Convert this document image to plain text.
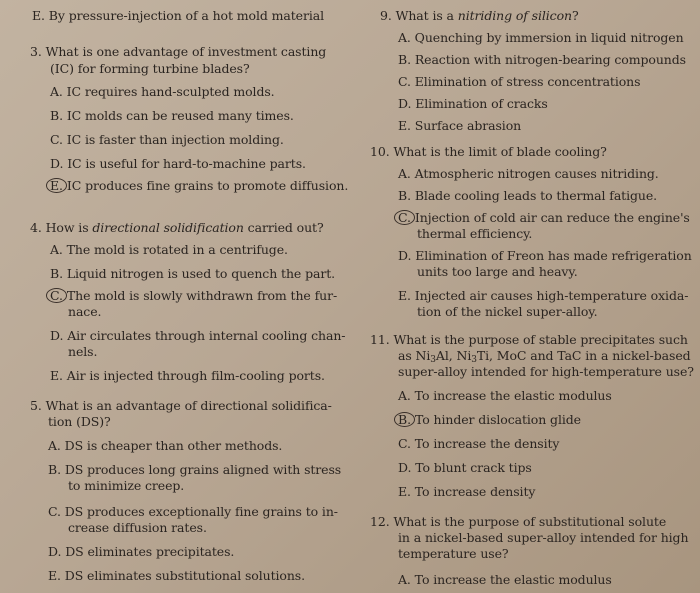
E. By pressure-injection of a hot mold material
3. What is one advantage of investment casting
(IC) for forming turbine blades?
A. IC requires hand-sculpted molds.
B. IC molds can be reused many times.
C. IC is faster than injection molding.
D. IC is useful for hard-to-machine parts.
E. IC produces fine grains to promote diffusion.
4. How is directional solidification carried out?
A. The mold is rotated in a centrifuge.
B. Liquid nitrogen is used to quench the part.
C. The mold is slowly withdrawn from the fur-
nace.
D. Air circulates through internal cooling chan-
nels.
E. Air is injected through film-cooling ports.
5. What is an advantage of directional solidifica-
tion (DS)?
A. DS is cheaper than other methods.
B. DS produces long grains aligned with stress
to minimize creep.
C. DS produces exceptionally fine grains to in-
crease diffusion rates.
D. DS eliminates precipitates.
E. DS eliminates substitutional solutions.
9. What is a nitriding of silicon?
A. Quenching by immersion in liquid nitrogen
B. Reaction with nitrogen-bearing compounds
C. Elimination of stress concentrations
D. Elimination of cracks
E. Surface abrasion
10. What is the limit of blade cooling?
A. Atmospheric nitrogen causes nitriding.
B. Blade cooling leads to thermal fatigue.
C. Injection of cold air can reduce the engine's
thermal efficiency.
D. Elimination of Freon has made refrigeration
units too large and heavy.
E. Injected air causes high-temperature oxida-
tion of the nickel super-alloy.
11. What is the purpose of stable precipitates such
as $Ni_3Al$, $Ni_3Ti$, MoC and TaC in a nickel-based
super-alloy intended for high-temperature use?
A. To increase the elastic modulus
B. To hinder dislocation glide
C. To increase the density
D. To blunt crack tips
E. To increase density
12. What is the purpose of substitutional solute
in a nickel-based super-alloy intended for high
temperature use?
A. To increase the elastic modulus
